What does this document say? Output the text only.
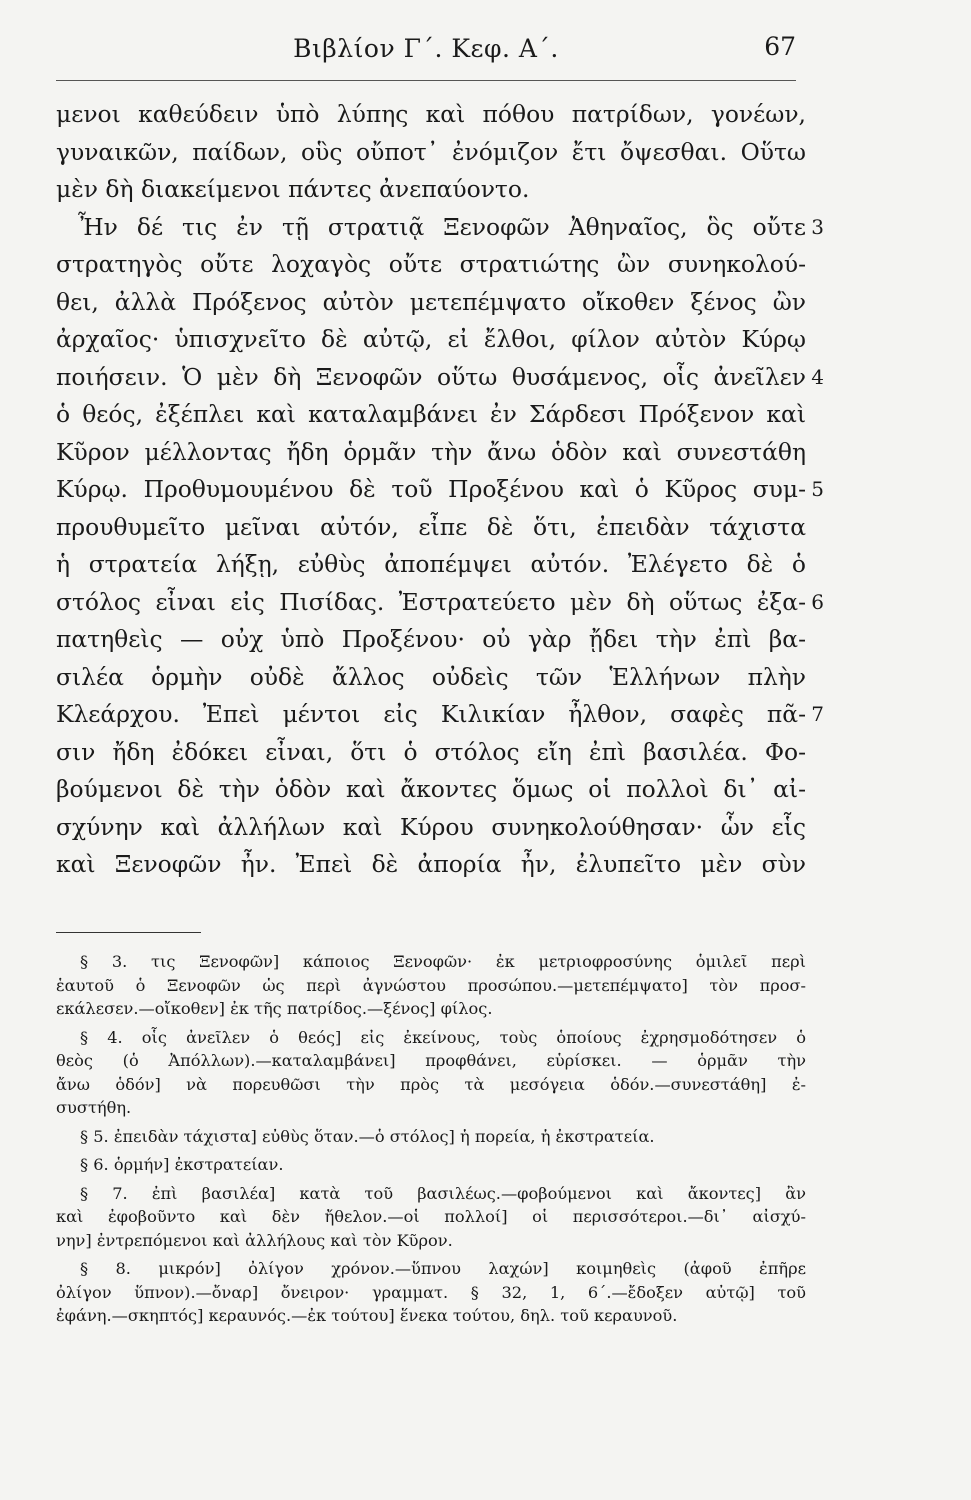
Βιβλίον Γ΄. Κεφ. Α΄.	67
μενοι καθεύδειν ὑπὸ λύπης καὶ πόθου πατρίδων, γονέων,
γυναικῶν, παίδων, οὓς οὔποτ᾽ ἐνόμιζον ἔτι ὄψεσθαι. Οὕτω
μὲν δὴ διακείμενοι πάντες ἀνεπαύοντο.
Ἦν δέ τις ἐν τῇ στρατιᾷ Ξενοφῶν Ἀθηναῖος, ὃς οὔτε 3
στρατηγὸς οὔτε λοχαγὸς οὔτε στρατιώτης ὢν συνηκολού-
θει, ἀλλὰ Πρόξενος αὐτὸν μετεπέμψατο οἴκοθεν ξένος ὢν
ἀρχαῖος· ὑπισχνεῖτο δὲ αὐτῷ, εἰ ἔλθοι, φίλον αὐτὸν Κύρῳ
ποιήσειν. Ὁ μὲν δὴ Ξενοφῶν οὕτω θυσάμενος, οἷς ἀνεῖλεν 4
ὁ θεός, ἐξέπλει καὶ καταλαμβάνει ἐν Σάρδεσι Πρόξενον καὶ
Κῦρον μέλλοντας ἤδη ὁρμᾶν τὴν ἄνω ὁδὸν καὶ συνεστάθη
Κύρῳ. Προθυμουμένου δὲ τοῦ Προξένου καὶ ὁ Κῦρος συμ- 5
προυθυμεῖτο μεῖναι αὐτόν, εἶπε δὲ ὅτι, ἐπειδὰν τάχιστα
ἡ στρατεία λήξῃ, εὐθὺς ἀποπέμψει αὐτόν. Ἐλέγετο δὲ ὁ
στόλος εἶναι εἰς Πισίδας. Ἐστρατεύετο μὲν δὴ οὕτως ἐξα- 6
πατηθεὶς — οὐχ ὑπὸ Προξένου· οὐ γὰρ ᾔδει τὴν ἐπὶ βα-
σιλέα ὁρμὴν οὐδὲ ἄλλος οὐδεὶς τῶν Ἑλλήνων πλὴν
Κλεάρχου. Ἐπεὶ μέντοι εἰς Κιλικίαν ἦλθον, σαφὲς πᾶ- 7
σιν ἤδη ἐδόκει εἶναι, ὅτι ὁ στόλος εἴη ἐπὶ βασιλέα. Φο-
βούμενοι δὲ τὴν ὁδὸν καὶ ἄκοντες ὅμως οἱ πολλοὶ δι᾽ αἰ-
σχύνην καὶ ἀλλήλων καὶ Κύρου συνηκολούθησαν· ὧν εἷς
καὶ Ξενοφῶν ἦν. Ἐπεὶ δὲ ἀπορία ἦν, ἐλυπεῖτο μὲν σὺν
§ 3. τις Ξενοφῶν] κάποιος Ξενοφῶν· ἐκ μετριοφροσύνης ὁμιλεῖ περὶ
ἑαυτοῦ ὁ Ξενοφῶν ὡς περὶ ἀγνώστου προσώπου.—μετεπέμψατο] τὸν προσ-
εκάλεσεν.—οἴκοθεν] ἐκ τῆς πατρίδος.—ξένος] φίλος.
§ 4. οἷς ἀνεῖλεν ὁ θεός] εἰς ἐκείνους, τοὺς ὁποίους ἐχρησμοδότησεν ὁ
θεὸς (ὁ Ἀπόλλων).—καταλαμβάνει] προφθάνει, εὑρίσκει. — ὁρμᾶν τὴν
ἄνω ὁδόν] νὰ πορευθῶσι τὴν πρὸς τὰ μεσόγεια ὁδόν.—συνεστάθη] ἐ-
συστήθη.
§ 5. ἐπειδὰν τάχιστα] εὐθὺς ὅταν.—ὁ στόλος] ἡ πορεία, ἡ ἐκστρατεία.
§ 6. ὁρμήν] ἐκστρατείαν.
§ 7. ἐπὶ βασιλέα] κατὰ τοῦ βασιλέως.—φοβούμενοι καὶ ἄκοντες] ἂν
καὶ ἐφοβοῦντο καὶ δὲν ἤθελον.—οἱ πολλοί] οἱ περισσότεροι.—δι᾽ αἰσχύ-
νην] ἐντρεπόμενοι καὶ ἀλλήλους καὶ τὸν Κῦρον.
§ 8. μικρόν] ὀλίγον χρόνον.—ὕπνου λαχών] κοιμηθεὶς (ἀφοῦ ἐπῆρε
ὀλίγον ὕπνον).—ὄναρ] ὄνειρον· γραμματ. § 32, 1, 6΄.—ἔδοξεν αὐτῷ] τοῦ
ἐφάνη.—σκηπτός] κεραυνός.—ἐκ τούτου] ἕνεκα τούτου, δηλ. τοῦ κεραυνοῦ.
